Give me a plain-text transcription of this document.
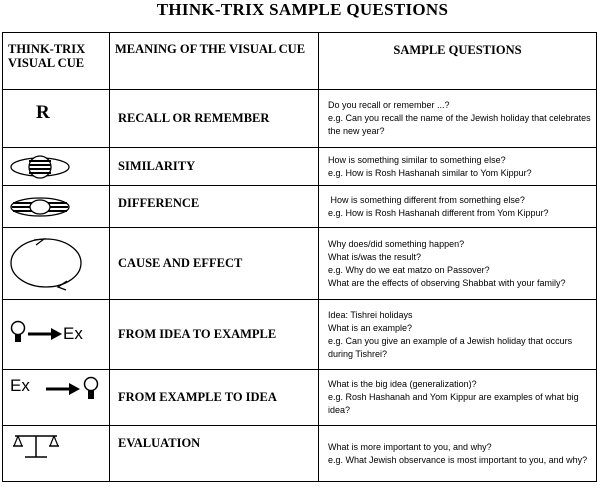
THINK-TRIX SAMPLE QUESTIONS
THINK-TRIX VISUAL CUE	MEANING OF THE VISUAL CUE	SAMPLE QUESTIONS

R	RECALL OR REMEMBER	Do you recall or remember ...?
e.g. Can you recall the name of the Jewish holiday that celebrates the new year?

	SIMILARITY	How is something similar to something else?
e.g. How is Rosh Hashanah similar to Yom Kippur?

	DIFFERENCE	How is something different from something else?
e.g. How is Rosh Hashanah different from Yom Kippur?

	CAUSE AND EFFECT	Why does/did something happen?
What is/was the result?
e.g. Why do we eat matzo on Passover?
What are the effects of observing Shabbat with your family?

Ex	FROM IDEA TO EXAMPLE	Idea: Tishrei holidays
What is an example?
e.g. Can you give an example of a Jewish holiday that occurs during Tishrei?

Ex	FROM EXAMPLE TO IDEA	What is the big idea (generalization)?
e.g. Rosh Hashanah and Yom Kippur are examples of what big idea?

	EVALUATION	What is more important to you, and why?
e.g. What Jewish observance is most important to you, and why?
